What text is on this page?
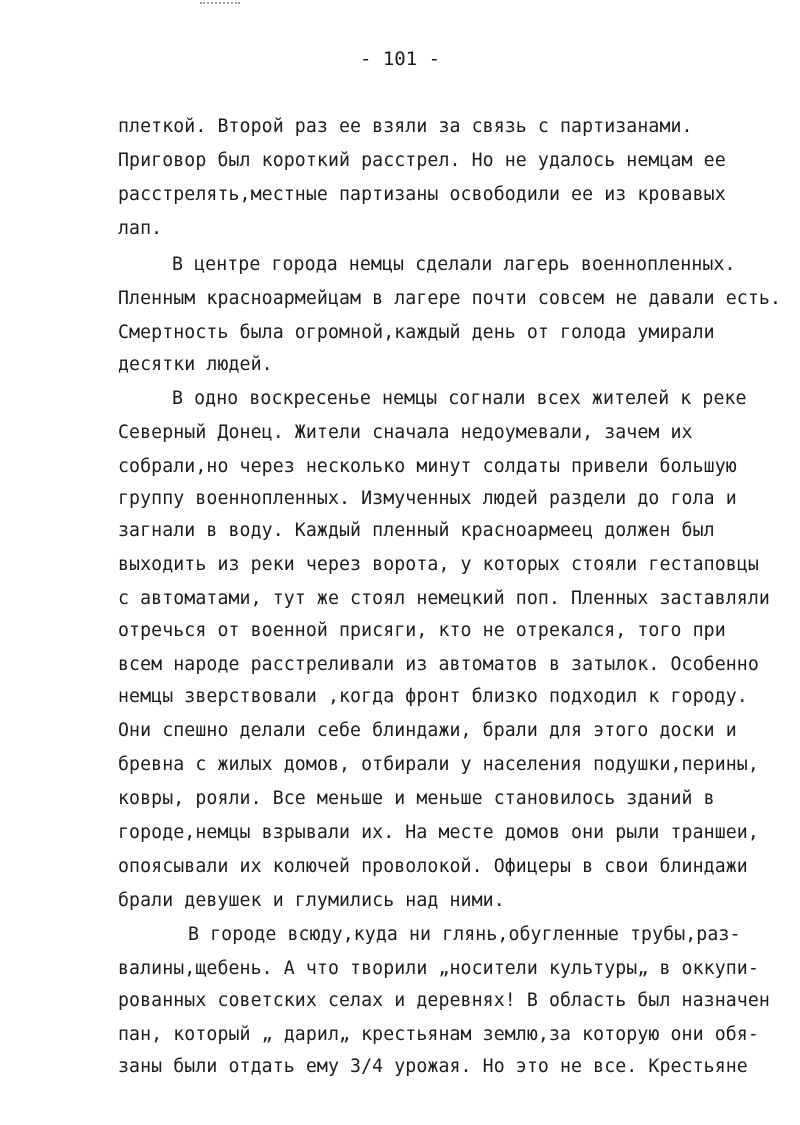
- 101 -
плеткой. Второй раз ее взяли за связь с партизанами.
Приговор был короткий расстрел. Но не удалось немцам ее
расстрелять,местные партизаны освободили ее из кровавых
лап.
В центре города немцы сделали лагерь военнопленных.
Пленным красноармейцам в лагере почти совсем не давали есть.
Смертность была огромной,каждый день от голода умирали
десятки людей.
В одно воскресенье немцы согнали всех жителей к реке
Северный Донец. Жители сначала недоумевали, зачем их
собрали,но через несколько минут солдаты привели большую
группу военнопленных. Измученных людей раздели до гола и
загнали в воду. Каждый пленный красноармеец должен был
выходить из реки через ворота, у которых стояли гестаповцы
с автоматами, тут же стоял немецкий поп. Пленных заставляли
отречься от военной присяги, кто не отрекался, того при
всем народе расстреливали из автоматов в затылок. Особенно
немцы зверствовали ,когда фронт близко подходил к городу.
Они спешно делали себе блиндажи, брали для этого доски и
бревна с жилых домов, отбирали у населения подушки,перины,
ковры, рояли. Все меньше и меньше становилось зданий в
городе,немцы взрывали их. На месте домов они рыли траншеи,
опоясывали их колючей проволокой. Офицеры в свои блиндажи
брали девушек и глумились над ними.
В городе всюду,куда ни глянь,обугленные трубы,раз-
валины,щебень. А что творили „носители культуры„ в оккупи-
рованных советских селах и деревнях! В область был назначен
пан, который „ дарил„ крестьянам землю,за которую они обя-
заны были отдать ему 3/4 урожая. Но это не все. Крестьяне
